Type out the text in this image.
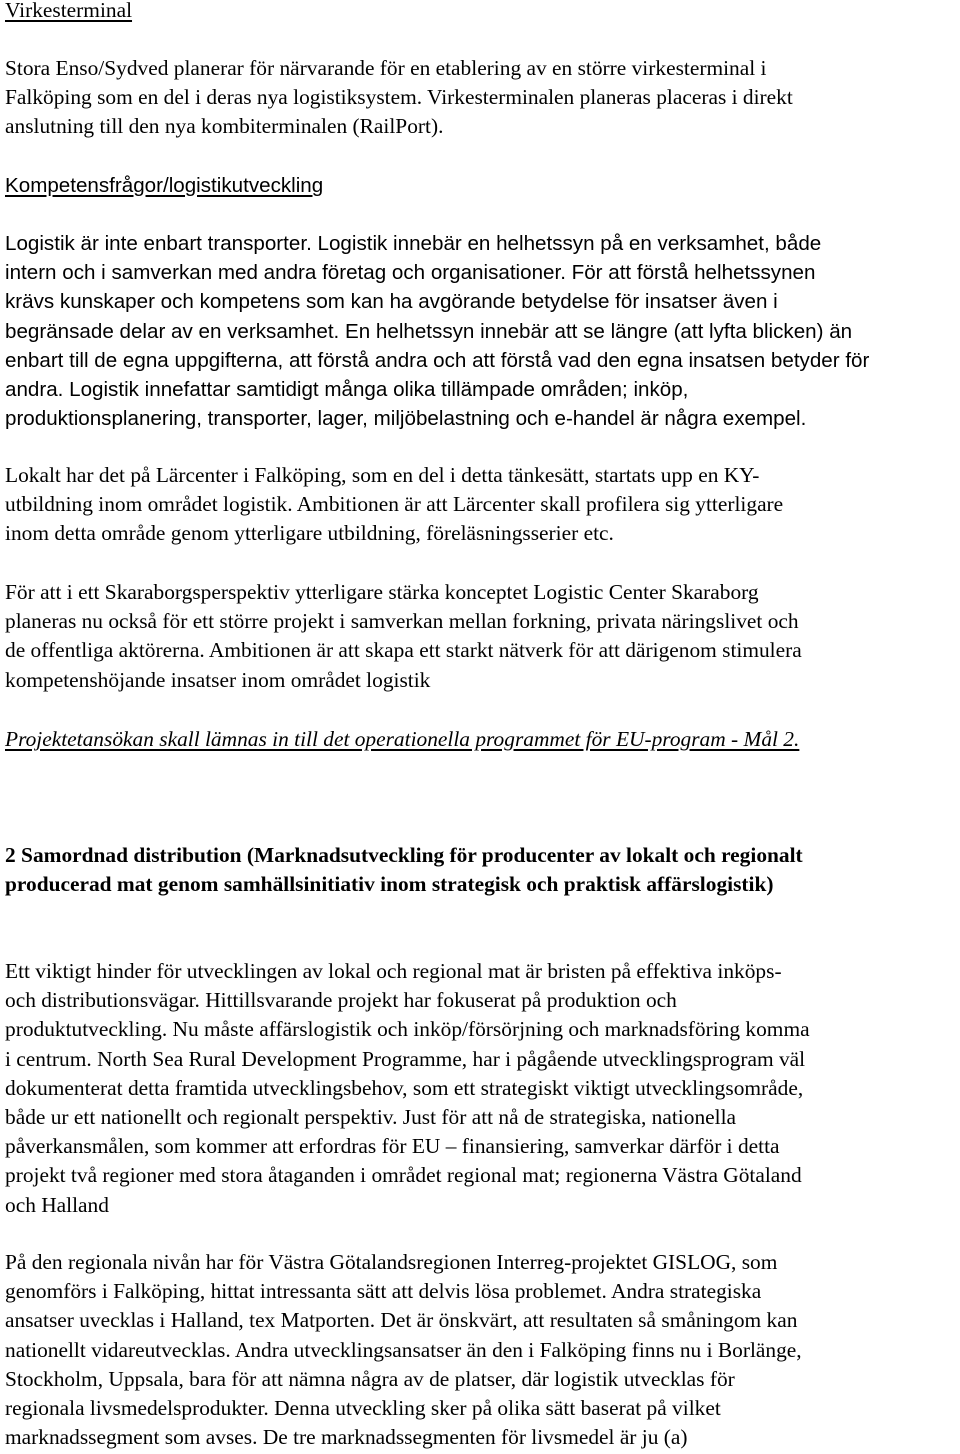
Virkesterminal
Stora Enso/Sydved planerar för närvarande för en etablering av en större virkesterminal i
Falköping som en del i deras nya logistiksystem. Virkesterminalen planeras placeras i direkt
anslutning till den nya kombiterminalen (RailPort).
Kompetensfrågor/logistikutveckling
Logistik är inte enbart transporter. Logistik innebär en helhetssyn på en verksamhet, både
intern och i samverkan med andra företag och organisationer. För att förstå helhetssynen
krävs kunskaper och kompetens som kan ha avgörande betydelse för insatser även i
begränsade delar av en verksamhet. En helhetssyn innebär att se längre (att lyfta blicken) än
enbart till de egna uppgifterna, att förstå andra och att förstå vad den egna insatsen betyder för
andra. Logistik innefattar samtidigt många olika tillämpade områden; inköp,
produktionsplanering, transporter, lager, miljöbelastning och e-handel är några exempel.
Lokalt har det på Lärcenter i Falköping, som en del i detta tänkesätt, startats upp en KY-
utbildning inom området logistik. Ambitionen är att Lärcenter skall profilera sig ytterligare
inom detta område genom ytterligare utbildning, föreläsningsserier etc.
För att i ett Skaraborgsperspektiv ytterligare stärka konceptet Logistic Center Skaraborg
planeras nu också för ett större projekt i samverkan mellan forkning, privata näringslivet och
de offentliga aktörerna. Ambitionen är att skapa ett starkt nätverk för att därigenom stimulera
kompetenshöjande insatser inom området logistik
Projektetansökan skall lämnas in till det operationella programmet för EU-program - Mål 2.
2 Samordnad distribution (Marknadsutveckling för producenter av lokalt och regionalt
producerad mat genom samhällsinitiativ inom strategisk och praktisk affärslogistik)
Ett viktigt hinder för utvecklingen av lokal och regional mat är bristen på effektiva inköps-
och distributionsvägar. Hittillsvarande projekt har fokuserat på produktion och
produktutveckling. Nu måste affärslogistik och inköp/försörjning och marknadsföring komma
i centrum. North Sea Rural Development Programme, har i pågående utvecklingsprogram väl
dokumenterat detta framtida utvecklingsbehov, som ett strategiskt viktigt utvecklingsområde,
både ur ett nationellt och regionalt perspektiv. Just för att nå de strategiska, nationella
påverkansmålen, som kommer att erfordras för EU – finansiering, samverkar därför i detta
projekt två regioner med stora åtaganden i området regional mat; regionerna Västra Götaland
och Halland
På den regionala nivån har för Västra Götalandsregionen Interreg-projektet GISLOG, som
genomförs i Falköping, hittat intressanta sätt att delvis lösa problemet. Andra strategiska
ansatser uvecklas i Halland, tex Matporten. Det är önskvärt, att resultaten så småningom kan
nationellt vidareutvecklas. Andra utvecklingsansatser än den i Falköping finns nu i Borlänge,
Stockholm, Uppsala, bara för att nämna några av de platser, där logistik utvecklas för
regionala livsmedelsprodukter. Denna utveckling sker på olika sätt baserat på vilket
marknadssegment som avses. De tre marknadssegmenten för livsmedel är ju (a)
